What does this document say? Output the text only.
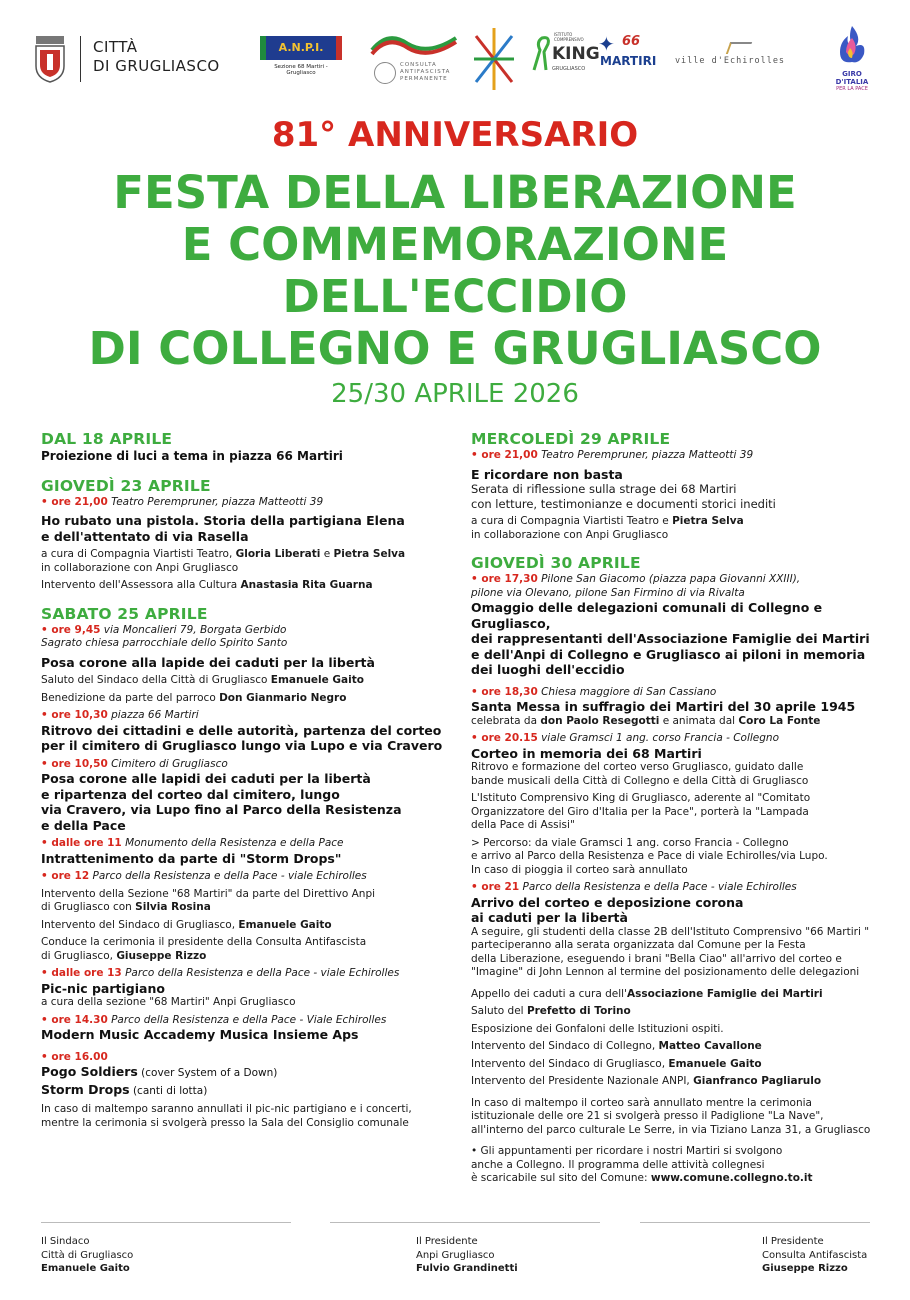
CITTÀ
DI GRUGLIASCO
A.N.P.I.
Sezione 68 Martiri - Grugliasco
CONSULTA
ANTIFASCISTA
PERMANENTE
ISTITUTO COMPRENSIVO
KING
GRUGLIASCO
✦ 66
MARTIRI ville d'Echirolles
GIRO D'ITALIA
PER LA PACE
81° ANNIVERSARIO
FESTA DELLA LIBERAZIONE
E COMMEMORAZIONE
DELL'ECCIDIO
DI COLLEGNO E GRUGLIASCO
25/30 APRILE 2026
DAL 18 APRILE
Proiezione di luci a tema in piazza 66 Martiri
GIOVEDÌ 23 APRILE
• ore 21,00 Teatro Perempruner, piazza Matteotti 39
Ho rubato una pistola. Storia della partigiana Elena
e dell'attentato di via Rasella
a cura di Compagnia Viartisti Teatro, Gloria Liberati e Pietra Selva
in collaborazione con Anpi Grugliasco
Intervento dell'Assessora alla Cultura Anastasia Rita Guarna
SABATO 25 APRILE
• ore 9,45 via Moncalieri 79, Borgata Gerbido
Sagrato chiesa parrocchiale dello Spirito Santo
Posa corone alla lapide dei caduti per la libertà
Saluto del Sindaco della Città di Grugliasco Emanuele Gaito
Benedizione da parte del parroco Don Gianmario Negro
• ore 10,30 piazza 66 Martiri
Ritrovo dei cittadini e delle autorità, partenza del corteo
per il cimitero di Grugliasco lungo via Lupo e via Cravero
• ore 10,50 Cimitero di Grugliasco
Posa corone alle lapidi dei caduti per la libertà
e ripartenza del corteo dal cimitero, lungo
via Cravero, via Lupo fino al Parco della Resistenza
e della Pace
• dalle ore 11 Monumento della Resistenza e della Pace
Intrattenimento da parte di "Storm Drops"
• ore 12 Parco della Resistenza e della Pace - viale Echirolles
Intervento della Sezione "68 Martiri" da parte del Direttivo Anpi
di Grugliasco con Silvia Rosina
Intervento del Sindaco di Grugliasco, Emanuele Gaito
Conduce la cerimonia il presidente della Consulta Antifascista
di Grugliasco, Giuseppe Rizzo
• dalle ore 13 Parco della Resistenza e della Pace - viale Echirolles
Pic-nic partigiano
a cura della sezione "68 Martiri" Anpi Grugliasco
• ore 14.30 Parco della Resistenza e della Pace - Viale Echirolles
Modern Music Accademy Musica Insieme Aps
• ore 16.00
Pogo Soldiers (cover System of a Down)
Storm Drops (canti di lotta)
In caso di maltempo saranno annullati il pic-nic partigiano e i concerti,
mentre la cerimonia si svolgerà presso la Sala del Consiglio comunale
MERCOLEDÌ 29 APRILE
• ore 21,00 Teatro Perempruner, piazza Matteotti 39
E ricordare non basta
Serata di riflessione sulla strage dei 68 Martiri
con letture, testimonianze e documenti storici inediti
a cura di Compagnia Viartisti Teatro e Pietra Selva
in collaborazione con Anpi Grugliasco
GIOVEDÌ 30 APRILE
• ore 17,30 Pilone San Giacomo (piazza papa Giovanni XXIII),
pilone via Olevano, pilone San Firmino di via Rivalta
Omaggio delle delegazioni comunali di Collegno e Grugliasco,
dei rappresentanti dell'Associazione Famiglie dei Martiri
e dell'Anpi di Collegno e Grugliasco ai piloni in memoria
dei luoghi dell'eccidio
• ore 18,30 Chiesa maggiore di San Cassiano
Santa Messa in suffragio dei Martiri del 30 aprile 1945
celebrata da don Paolo Resegotti e animata dal Coro La Fonte
• ore 20.15 viale Gramsci 1 ang. corso Francia - Collegno
Corteo in memoria dei 68 Martiri
Ritrovo e formazione del corteo verso Grugliasco, guidato dalle
bande musicali della Città di Collegno e della Città di Grugliasco
L'Istituto Comprensivo King di Grugliasco, aderente al "Comitato
Organizzatore del Giro d'Italia per la Pace", porterà la "Lampada
della Pace di Assisi"
> Percorso: da viale Gramsci 1 ang. corso Francia - Collegno
e arrivo al Parco della Resistenza e Pace di viale Echirolles/via Lupo.
In caso di pioggia il corteo sarà annullato
• ore 21 Parco della Resistenza e della Pace - viale Echirolles
Arrivo del corteo e deposizione corona
ai caduti per la libertà
A seguire, gli studenti della classe 2B dell'Istituto Comprensivo "66 Martiri "
parteciperanno alla serata organizzata dal Comune per la Festa
della Liberazione, eseguendo i brani "Bella Ciao" all'arrivo del corteo e
"Imagine" di John Lennon al termine del posizionamento delle delegazioni
Appello dei caduti a cura dell'Associazione Famiglie dei Martiri
Saluto del Prefetto di Torino
Esposizione dei Gonfaloni delle Istituzioni ospiti.
Intervento del Sindaco di Collegno, Matteo Cavallone
Intervento del Sindaco di Grugliasco, Emanuele Gaito
Intervento del Presidente Nazionale ANPI, Gianfranco Pagliarulo
In caso di maltempo il corteo sarà annullato mentre la cerimonia
istituzionale delle ore 21 si svolgerà presso il Padiglione "La Nave",
all'interno del parco culturale Le Serre, in via Tiziano Lanza 31, a Grugliasco
• Gli appuntamenti per ricordare i nostri Martiri si svolgono
anche a Collegno. Il programma delle attività collegnesi
è scaricabile sul sito del Comune: www.comune.collegno.to.it
Il Sindaco
Città di Grugliasco
Emanuele Gaito
Il Presidente
Anpi Grugliasco
Fulvio Grandinetti
Il Presidente
Consulta Antifascista
Giuseppe Rizzo
